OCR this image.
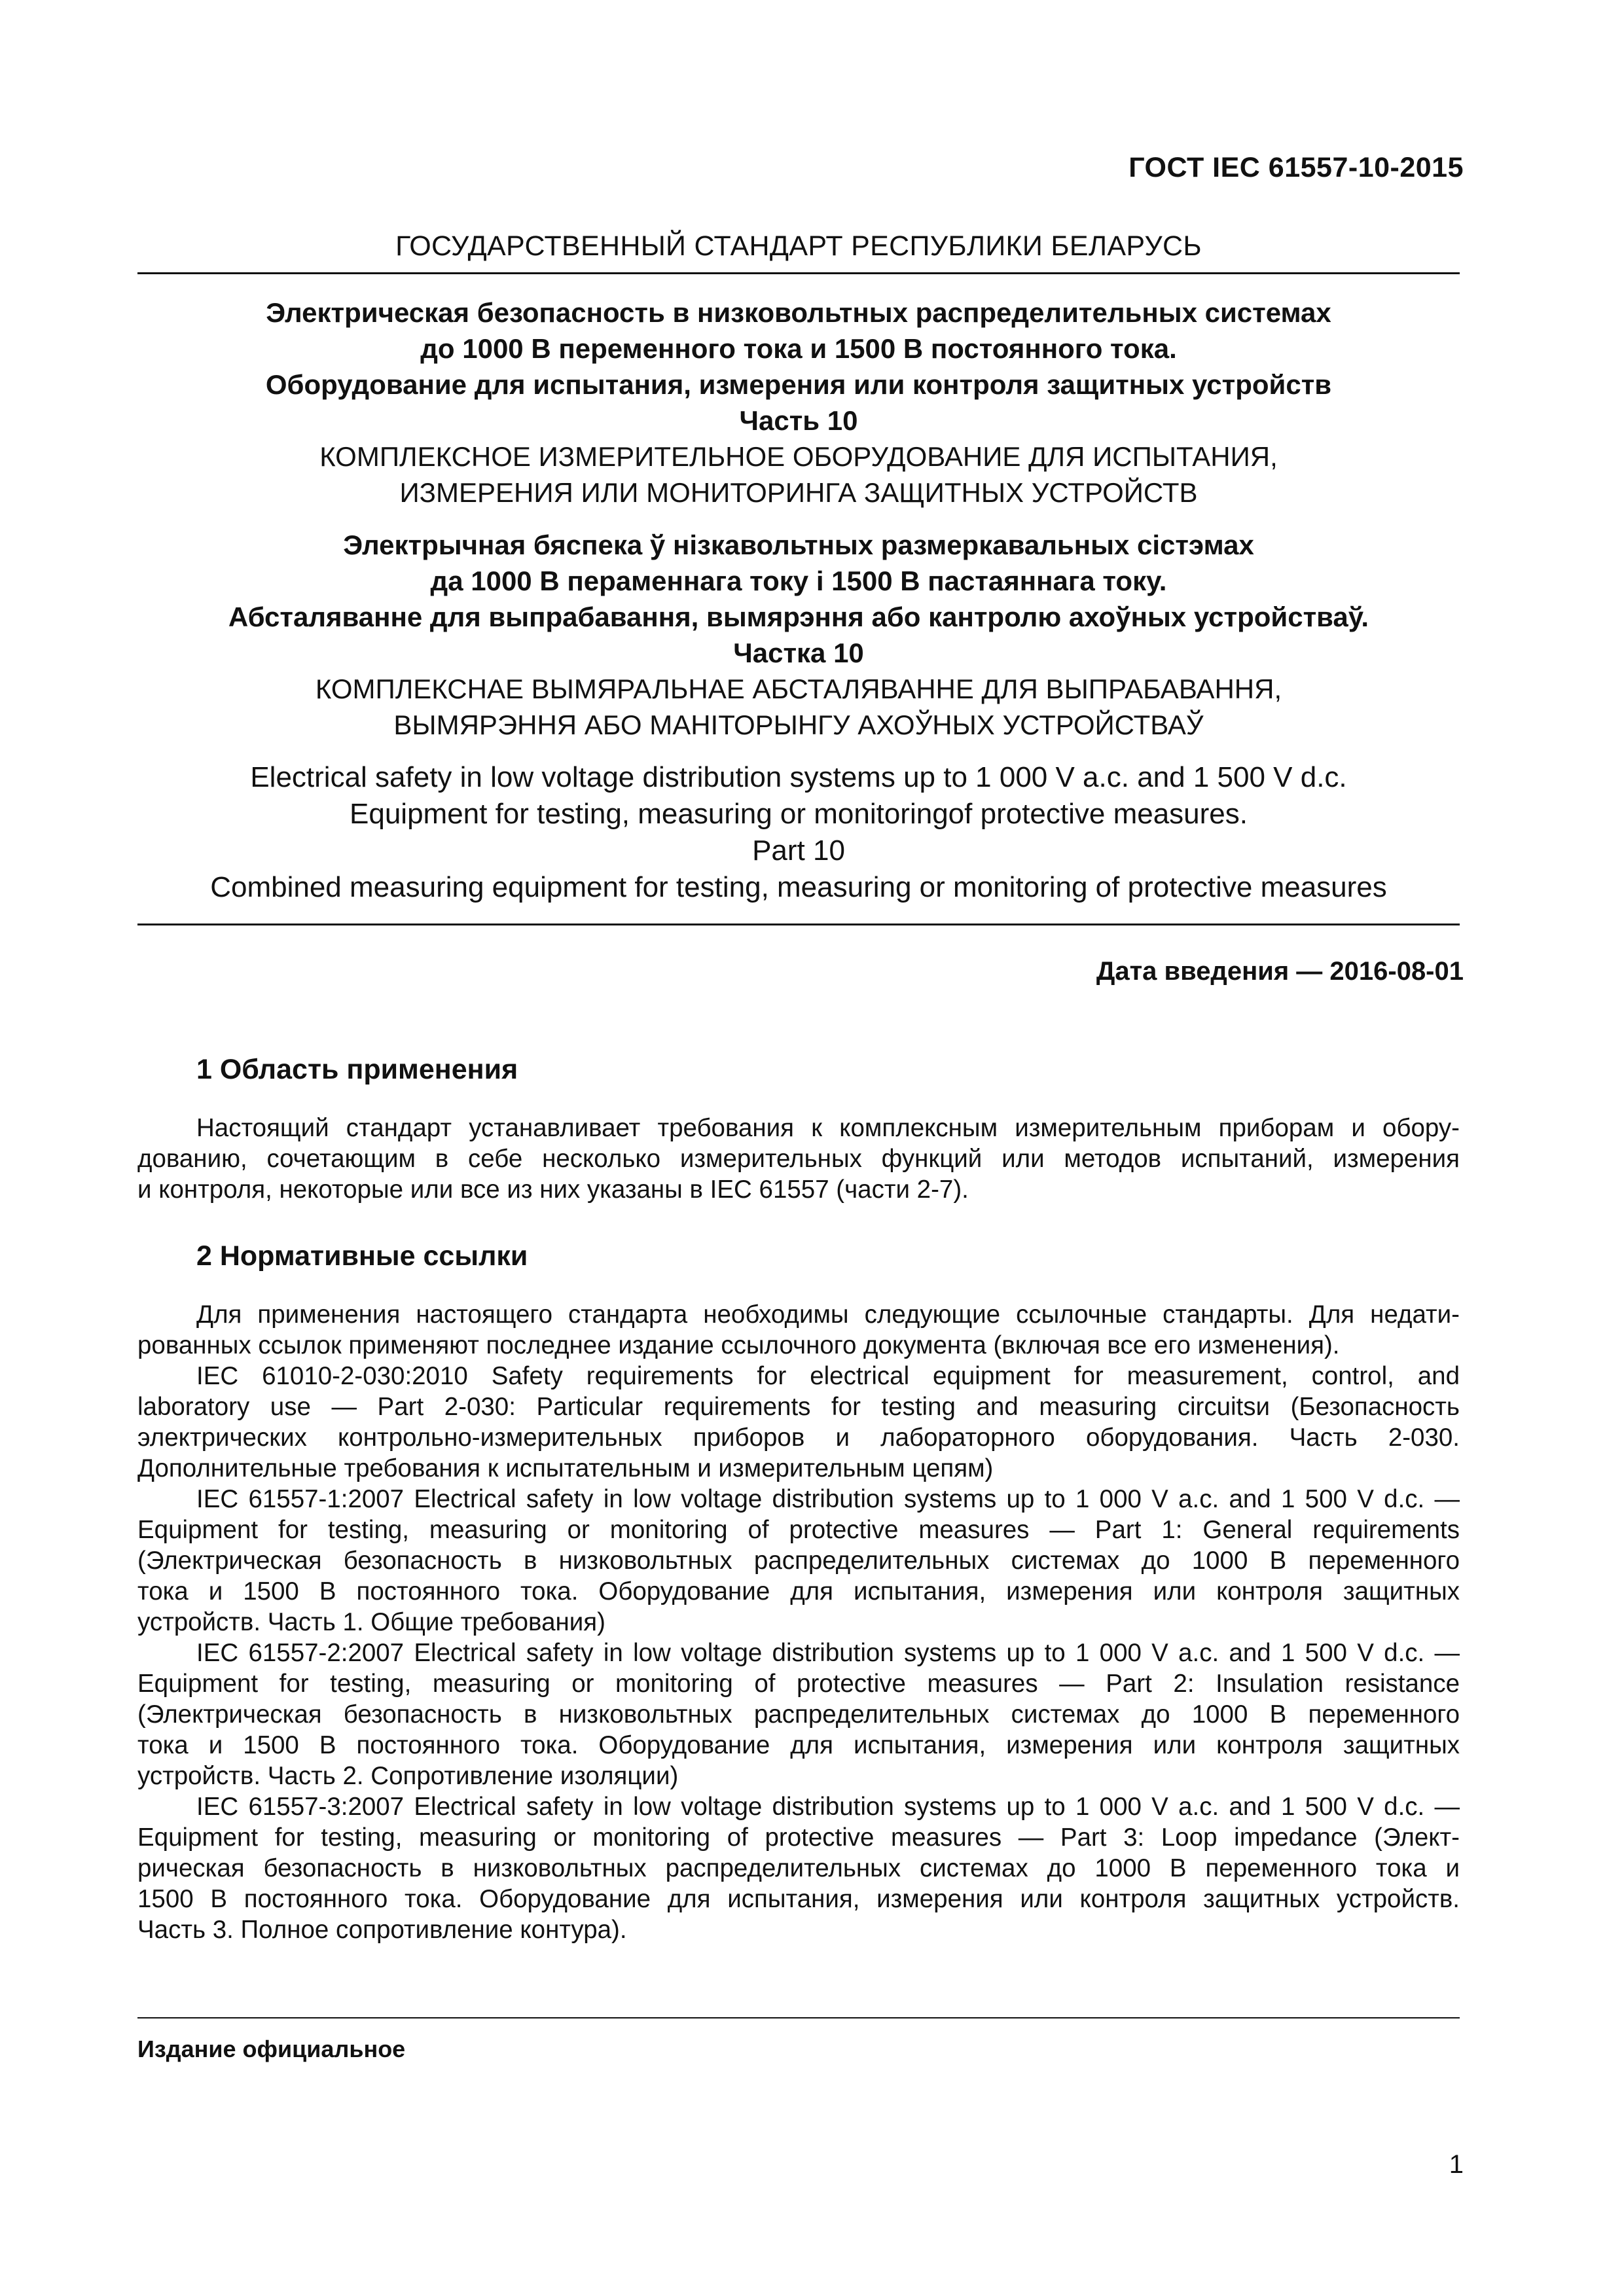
ГОСТ IEC 61557-10-2015
ГОСУДАРСТВЕННЫЙ СТАНДАРТ РЕСПУБЛИКИ БЕЛАРУСЬ
Электрическая безопасность в низковольтных распределительных системах
до 1000 В переменного тока и 1500 В постоянного тока.
Оборудование для испытания, измерения или контроля защитных устройств
Часть 10
КОМПЛЕКСНОЕ ИЗМЕРИТЕЛЬНОЕ ОБОРУДОВАНИЕ ДЛЯ ИСПЫТАНИЯ,
ИЗМЕРЕНИЯ ИЛИ МОНИТОРИНГА ЗАЩИТНЫХ УСТРОЙСТВ
Электрычная бяспека ў нізкавольтных размеркавальных сістэмах
да 1000 В пераменнага току і 1500 В пастаяннага току.
Абсталяванне для выпрабавання, вымярэння або кантролю ахоўных устройстваў.
Частка 10
КОМПЛЕКСНАЕ ВЫМЯРАЛЬНАЕ АБСТАЛЯВАННЕ ДЛЯ ВЫПРАБАВАННЯ,
ВЫМЯРЭННЯ АБО МАНІТОРЫНГУ АХОЎНЫХ УСТРОЙСТВАЎ
Electrical safety in low voltage distribution systems up to 1 000 V a.c. and 1 500 V d.c.
Equipment for testing, measuring or monitoringof protective measures.
Part 10
Combined measuring equipment for testing, measuring or monitoring of protective measures
Дата введения — 2016-08-01
1 Область применения
Настоящий стандарт устанавливает требования к комплексным измерительным приборам и обору-
дованию, сочетающим в себе несколько измерительных функций или методов испытаний, измерения
и контроля, некоторые или все из них указаны в IEC 61557 (части 2-7).
2 Нормативные ссылки
Для применения настоящего стандарта необходимы следующие ссылочные стандарты. Для недати-
рованных ссылок применяют последнее издание ссылочного документа (включая все его изменения).
IEC 61010-2-030:2010 Safety requirements for electrical equipment for measurement, control, and
laboratory use — Part 2-030: Particular requirements for testing and measuring circuitsи (Безопасность
электрических контрольно-измерительных приборов и лабораторного оборудования. Часть 2-030.
Дополнительные требования к испытательным и измерительным цепям)
IEC 61557-1:2007 Electrical safety in low voltage distribution systems up to 1 000 V a.c. and 1 500 V d.c. —
Equipment for testing, measuring or monitoring of protective measures — Part 1: General requirements
(Электрическая безопасность в низковольтных распределительных системах до 1000 В переменного
тока и 1500 В постоянного тока. Оборудование для испытания, измерения или контроля защитных
устройств. Часть 1. Общие требования)
IEC 61557-2:2007 Electrical safety in low voltage distribution systems up to 1 000 V a.c. and 1 500 V d.c. —
Equipment for testing, measuring or monitoring of protective measures — Part 2: Insulation resistance
(Электрическая безопасность в низковольтных распределительных системах до 1000 В переменного
тока и 1500 В постоянного тока. Оборудование для испытания, измерения или контроля защитных
устройств. Часть 2. Сопротивление изоляции)
IEC 61557-3:2007 Electrical safety in low voltage distribution systems up to 1 000 V a.c. and 1 500 V d.c. —
Equipment for testing, measuring or monitoring of protective measures — Part 3: Loop impedance (Элект-
рическая безопасность в низковольтных распределительных системах до 1000 В переменного тока и
1500 В постоянного тока. Оборудование для испытания, измерения или контроля защитных устройств.
Часть 3. Полное сопротивление контура).
Издание официальное
1
